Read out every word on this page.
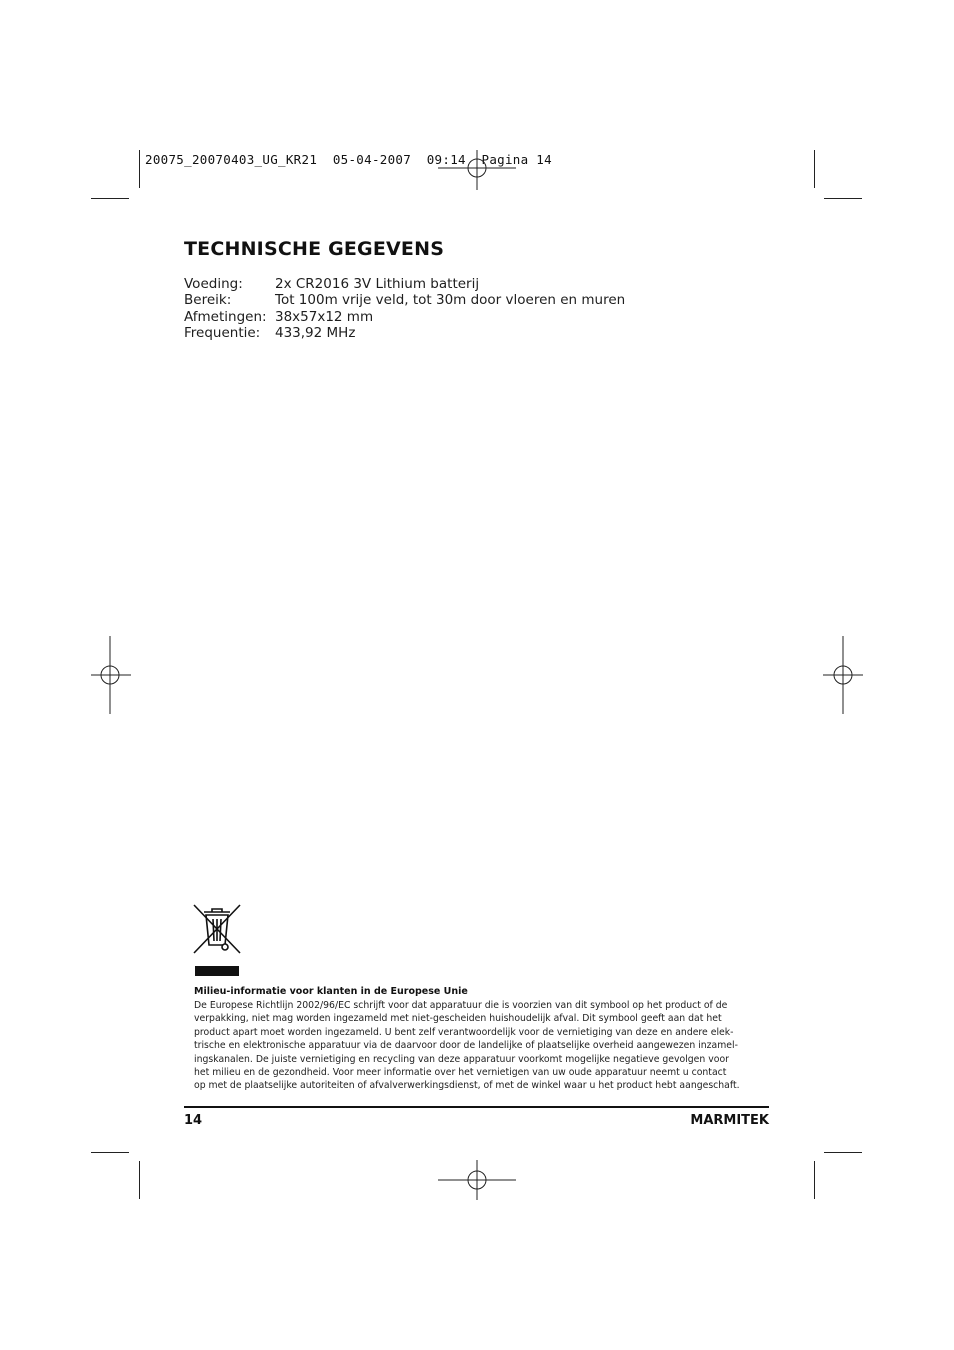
20075_20070403_UG_KR21  05-04-2007  09:14  Pagina 14
TECHNISCHE GEGEVENS
Voeding:	2x CR2016 3V Lithium batterij
Bereik:	Tot 100m vrije veld, tot 30m door vloeren en muren
Afmetingen: 38x57x12 mm
Frequentie:	433,92 MHz
Milieu-informatie voor klanten in de Europese Unie
De Europese Richtlijn 2002/96/EC schrijft voor dat apparatuur die is voorzien van dit symbool op het product of de
verpakking, niet mag worden ingezameld met niet-gescheiden huishoudelijk afval. Dit symbool geeft aan dat het
product apart moet worden ingezameld. U bent zelf verantwoordelijk voor de vernietiging van deze en andere elek-
trische en elektronische apparatuur via de daarvoor door de landelijke of plaatselijke overheid aangewezen inzamel-
ingskanalen. De juiste vernietiging en recycling van deze apparatuur voorkomt mogelijke negatieve gevolgen voor
het milieu en de gezondheid. Voor meer informatie over het vernietigen van uw oude apparatuur neemt u contact
op met de plaatselijke autoriteiten of afvalverwerkingsdienst, of met de winkel waar u het product hebt aangeschaft.
14	MARMITEK
